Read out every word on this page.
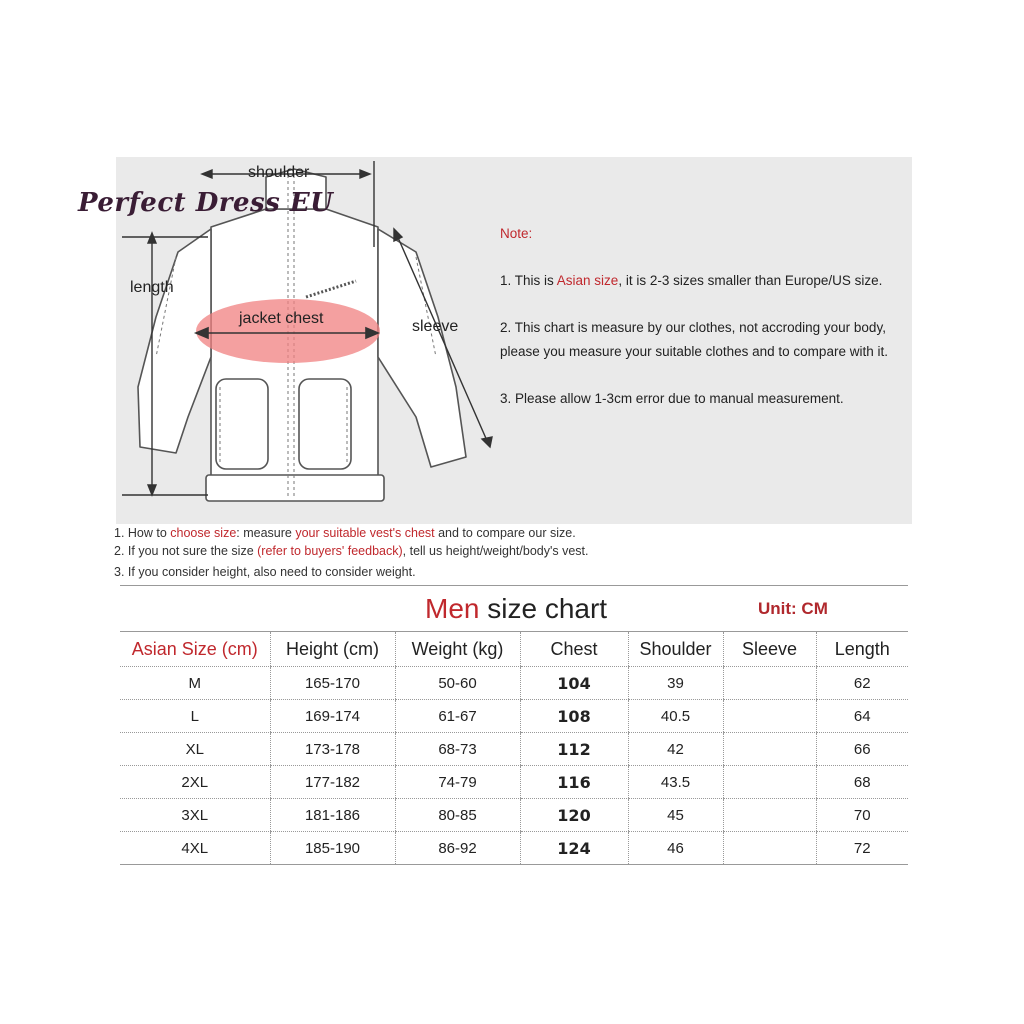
shoulder
length
jacket chest	sleeve
Perfect Dress EU
Note:
1. This is Asian size, it is 2-3 sizes smaller than Europe/US size.
2. This chart is measure by our clothes, not accroding your body,
please you measure your suitable clothes and to compare with it.
3. Please allow 1-3cm error due to manual measurement.
1. How to choose size: measure your suitable vest's chest and to compare our size.
2. If you not sure the size (refer to buyers' feedback), tell us height/weight/body's vest.
3. If you consider height, also need to consider weight.
Men size chart	Unit: CM
Asian Size (cm)	Height (cm)	Weight (kg)	Chest	Shoulder	Sleeve	Length
M	165-170	50-60	104	39		62
L	169-174	61-67	108	40.5		64
XL	173-178	68-73	112	42		66
2XL	177-182	74-79	116	43.5		68
3XL	181-186	80-85	120	45		70
4XL	185-190	86-92	124	46		72
